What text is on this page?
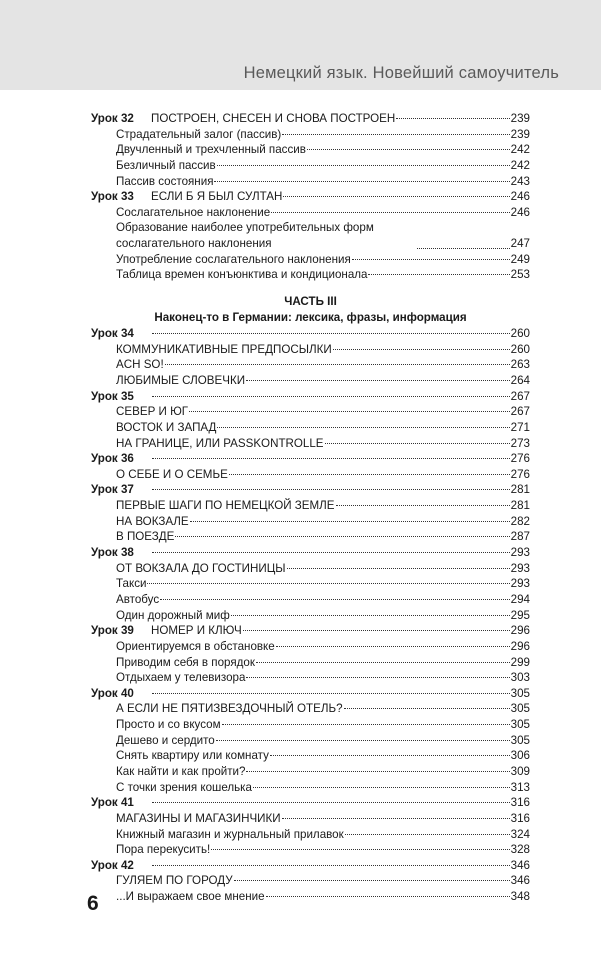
Немецкий язык. Новейший самоучитель
Урок 32	ПОСТРОЕН, СНЕСЕН И СНОВА ПОСТРОЕН	239
Страдательный залог (пассив)	239
Двучленный и трехчленный пассив	242
Безличный пассив	242
Пассив состояния	243
Урок 33	ЕСЛИ Б Я БЫЛ СУЛТАН	246
Сослагательное наклонение	246
Образование наиболее употребительных форм
сослагательного наклонения	247
Употребление сослагательного наклонения	249
Таблица времен конъюнктива и кондиционала	253
ЧАСТЬ III
Наконец-то в Германии: лексика, фразы, информация
Урок 34	260
КОММУНИКАТИВНЫЕ ПРЕДПОСЫЛКИ	260
ACH SO!	263
ЛЮБИМЫЕ СЛОВЕЧКИ	264
Урок 35	267
СЕВЕР И ЮГ	267
ВОСТОК И ЗАПАД	271
НА ГРАНИЦЕ, ИЛИ PASSKONTROLLE	273
Урок 36	276
О СЕБЕ И О СЕМЬЕ	276
Урок 37	281
ПЕРВЫЕ ШАГИ ПО НЕМЕЦКОЙ ЗЕМЛЕ	281
НА ВОКЗАЛЕ	282
В ПОЕЗДЕ	287
Урок 38	293
ОТ ВОКЗАЛА ДО ГОСТИНИЦЫ	293
Такси	293
Автобус	294
Один дорожный миф	295
Урок 39	НОМЕР И КЛЮЧ	296
Ориентируемся в обстановке	296
Приводим себя в порядок	299
Отдыхаем у телевизора	303
Урок 40	305
А ЕСЛИ НЕ ПЯТИЗВЕЗДОЧНЫЙ ОТЕЛЬ?	305
Просто и со вкусом	305
Дешево и сердито	305
Снять квартиру или комнату	306
Как найти и как пройти?	309
С точки зрения кошелька	313
Урок 41	316
МАГАЗИНЫ И МАГАЗИНЧИКИ	316
Книжный магазин и журнальный прилавок	324
Пора перекусить!	328
Урок 42	346
ГУЛЯЕМ ПО ГОРОДУ	346
...И выражаем свое мнение	348
6
